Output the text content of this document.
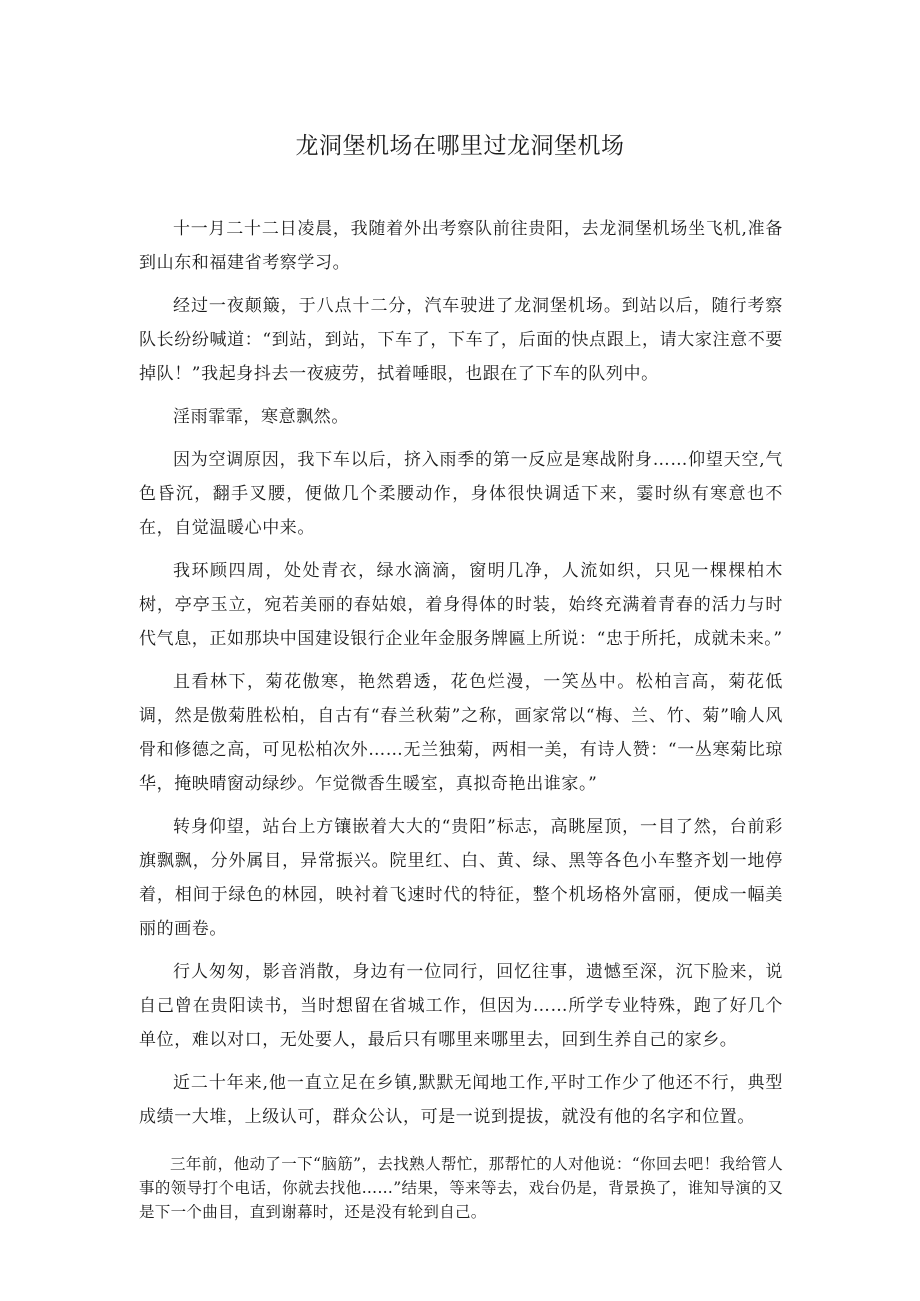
龙洞堡机场在哪里过龙洞堡机场

十一月二十二日凌晨，我随着外出考察队前往贵阳，去龙洞堡机场坐飞机,准备到山东和福建省考察学习。

经过一夜颠簸，于八点十二分，汽车驶进了龙洞堡机场。到站以后，随行考察队长纷纷喊道：“到站，到站，下车了，下车了，后面的快点跟上，请大家注意不要掉队！”我起身抖去一夜疲劳，拭着唾眼，也跟在了下车的队列中。

淫雨霏霏，寒意飘然。

因为空调原因，我下车以后，挤入雨季的第一反应是寒战附身……仰望天空,气色昏沉，翻手叉腰，便做几个柔腰动作，身体很快调适下来，霎时纵有寒意也不在，自觉温暖心中来。

我环顾四周，处处青衣，绿水滴滴，窗明几净，人流如织，只见一棵棵柏木树，亭亭玉立，宛若美丽的春姑娘，着身得体的时装，始终充满着青春的活力与时代气息，正如那块中国建设银行企业年金服务牌匾上所说：“忠于所托，成就未来。”

且看林下，菊花傲寒，艳然碧透，花色烂漫，一笑丛中。松柏言高，菊花低调，然是傲菊胜松柏，自古有“春兰秋菊”之称，画家常以“梅、兰、竹、菊”喻人风骨和修德之高，可见松柏次外……无兰独菊，两相一美，有诗人赞：“一丛寒菊比琼华，掩映晴窗动绿纱。乍觉微香生暖室，真拟奇艳出谁家。”

转身仰望，站台上方镶嵌着大大的“贵阳”标志，高眺屋顶，一目了然，台前彩旗飘飘，分外属目，异常振兴。院里红、白、黄、绿、黑等各色小车整齐划一地停着，相间于绿色的林园，映衬着飞速时代的特征，整个机场格外富丽，便成一幅美丽的画卷。

行人匆匆，影音消散，身边有一位同行，回忆往事，遗憾至深，沉下脸来，说自己曾在贵阳读书，当时想留在省城工作，但因为……所学专业特殊，跑了好几个单位，难以对口，无处要人，最后只有哪里来哪里去，回到生养自己的家乡。

近二十年来,他一直立足在乡镇,默默无闻地工作,平时工作少了他还不行，典型成绩一大堆，上级认可，群众公认，可是一说到提拔，就没有他的名字和位置。

三年前，他动了一下“脑筋”，去找熟人帮忙，那帮忙的人对他说：“你回去吧！我给管人事的领导打个电话，你就去找他……”结果，等来等去，戏台仍是，背景换了，谁知导演的又是下一个曲目，直到谢幕时，还是没有轮到自己。
